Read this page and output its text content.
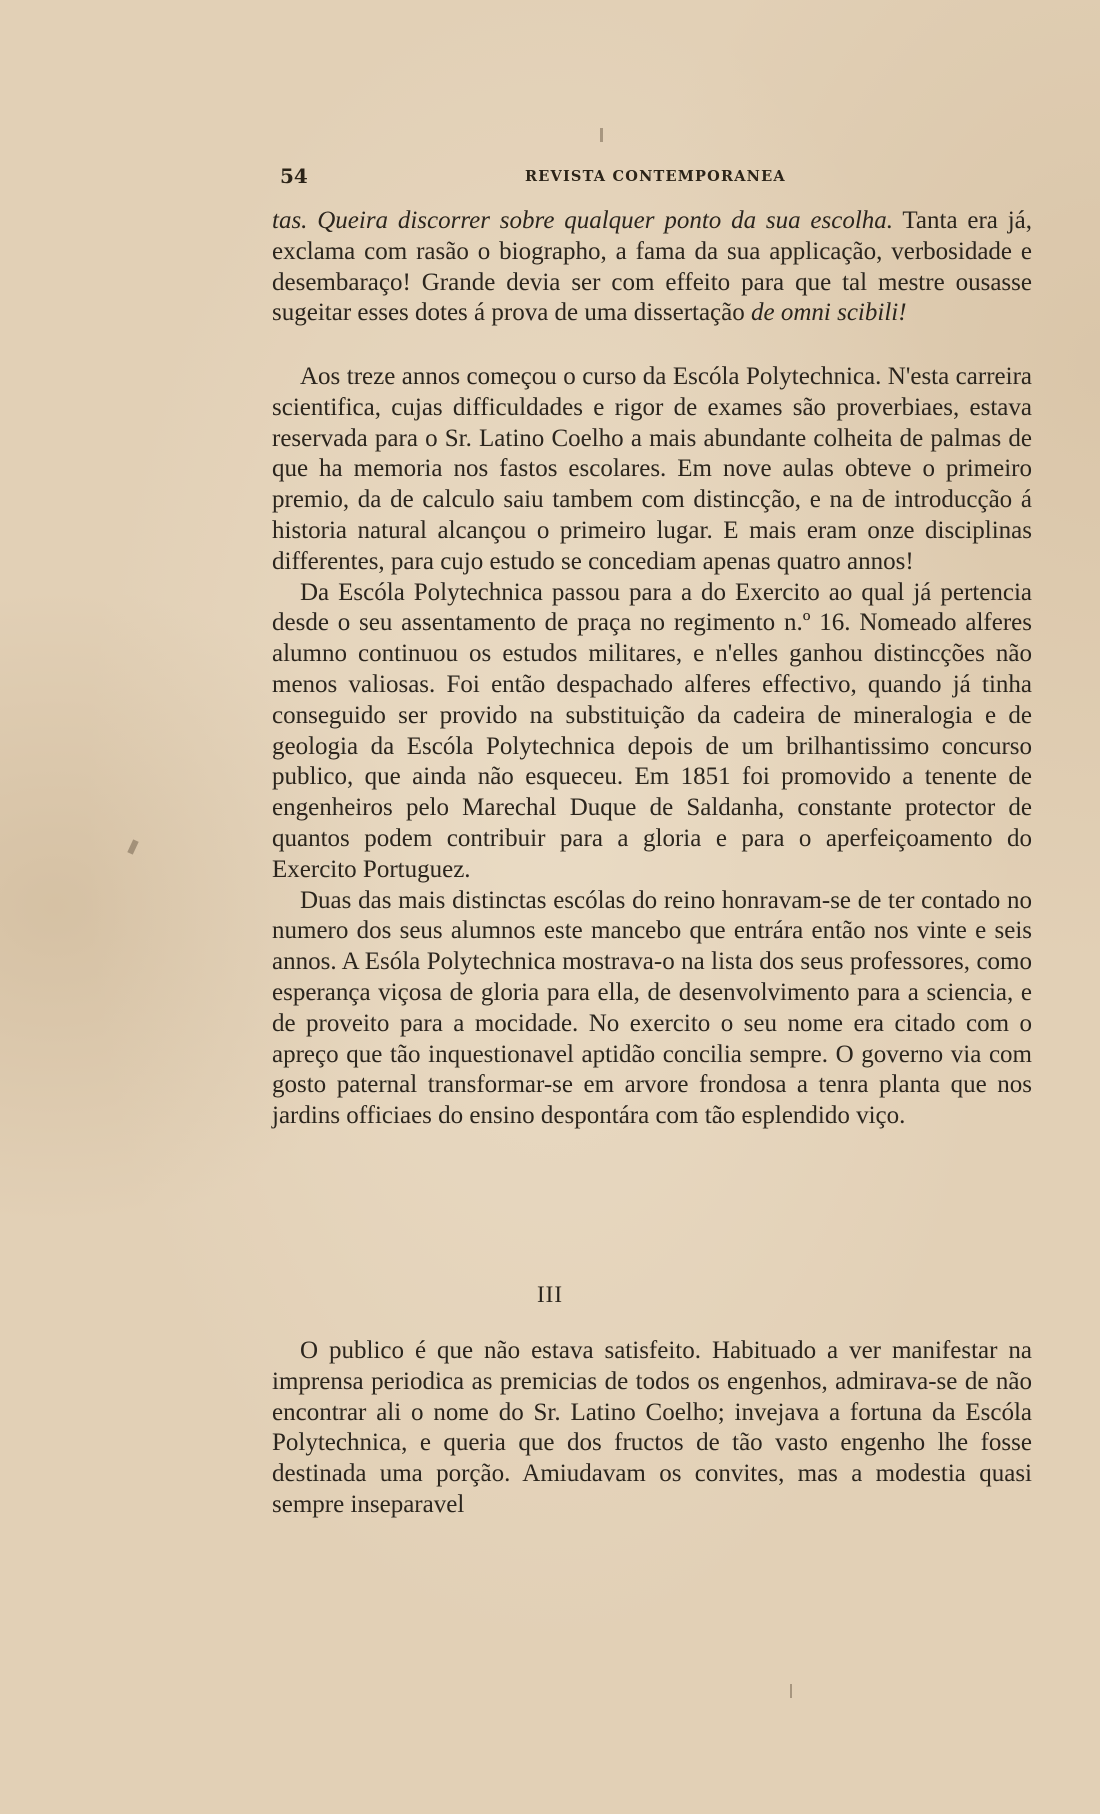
54	REVISTA CONTEMPORANEA

tas. Queira discorrer sobre qualquer ponto da sua escolha. Tanta era já, exclama com rasão o biographo, a fama da sua applicação, verbosidade e desembaraço! Grande devia ser com effeito para que tal mestre ousasse sugeitar esses dotes á prova de uma dissertação de omni scibili!

Aos treze annos começou o curso da Escóla Polytechnica. N'esta carreira scientifica, cujas difficuldades e rigor de exames são proverbiaes, estava reservada para o Sr. Latino Coelho a mais abundante colheita de palmas de que ha memoria nos fastos escolares. Em nove aulas obteve o primeiro premio, da de calculo saiu tambem com distincção, e na de introducção á historia natural alcançou o primeiro lugar. E mais eram onze disciplinas differentes, para cujo estudo se concediam apenas quatro annos!

Da Escóla Polytechnica passou para a do Exercito ao qual já pertencia desde o seu assentamento de praça no regimento n.º 16. Nomeado alferes alumno continuou os estudos militares, e n'elles ganhou distincções não menos valiosas. Foi então despachado alferes effectivo, quando já tinha conseguido ser provido na substituição da cadeira de mineralogia e de geologia da Escóla Polytechnica depois de um brilhantissimo concurso publico, que ainda não esqueceu. Em 1851 foi promovido a tenente de engenheiros pelo Marechal Duque de Saldanha, constante protector de quantos podem contribuir para a gloria e para o aperfeiçoamento do Exercito Portuguez.

Duas das mais distinctas escólas do reino honravam-se de ter contado no numero dos seus alumnos este mancebo que entrára então nos vinte e seis annos. A Esóla Polytechnica mostrava-o na lista dos seus professores, como esperança viçosa de gloria para ella, de desenvolvimento para a sciencia, e de proveito para a mocidade. No exercito o seu nome era citado com o apreço que tão inquestionavel aptidão concilia sempre. O governo via com gosto paternal transformar-se em arvore frondosa a tenra planta que nos jardins officiaes do ensino despontára com tão esplendido viço.

III

O publico é que não estava satisfeito. Habituado a ver manifestar na imprensa periodica as premicias de todos os engenhos, admirava-se de não encontrar ali o nome do Sr. Latino Coelho; invejava a fortuna da Escóla Polytechnica, e queria que dos fructos de tão vasto engenho lhe fosse destinada uma porção. Amiudavam os convites, mas a modestia quasi sempre inseparavel
